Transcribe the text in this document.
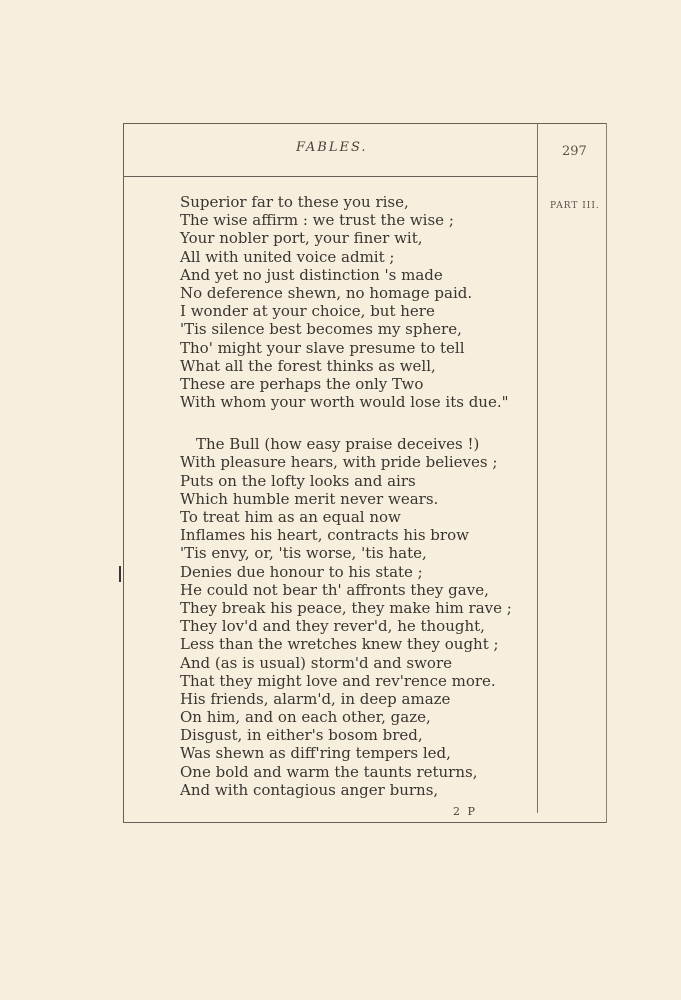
FABLES.	297
PART III.
Superior far to these you rise,
The wise affirm : we trust the wise ;
Your nobler port, your finer wit,
All with united voice admit ;
And yet no just distinction 's made
No deference shewn, no homage paid.
I wonder at your choice, but here
'Tis silence best becomes my sphere,
Tho' might your slave presume to tell
What all the forest thinks as well,
These are perhaps the only Two
With whom your worth would lose its due."
The Bull (how easy praise deceives !)
With pleasure hears, with pride believes ;
Puts on the lofty looks and airs
Which humble merit never wears.
To treat him as an equal now
Inflames his heart, contracts his brow
'Tis envy, or, 'tis worse, 'tis hate,
Denies due honour to his state ;
He could not bear th' affronts they gave,
They break his peace, they make him rave ;
They lov'd and they rever'd, he thought,
Less than the wretches knew they ought ;
And (as is usual) storm'd and swore
That they might love and rev'rence more.
His friends, alarm'd, in deep amaze
On him, and on each other, gaze,
Disgust, in either's bosom bred,
Was shewn as diff'ring tempers led,
One bold and warm the taunts returns,
And with contagious anger burns,
2 P
